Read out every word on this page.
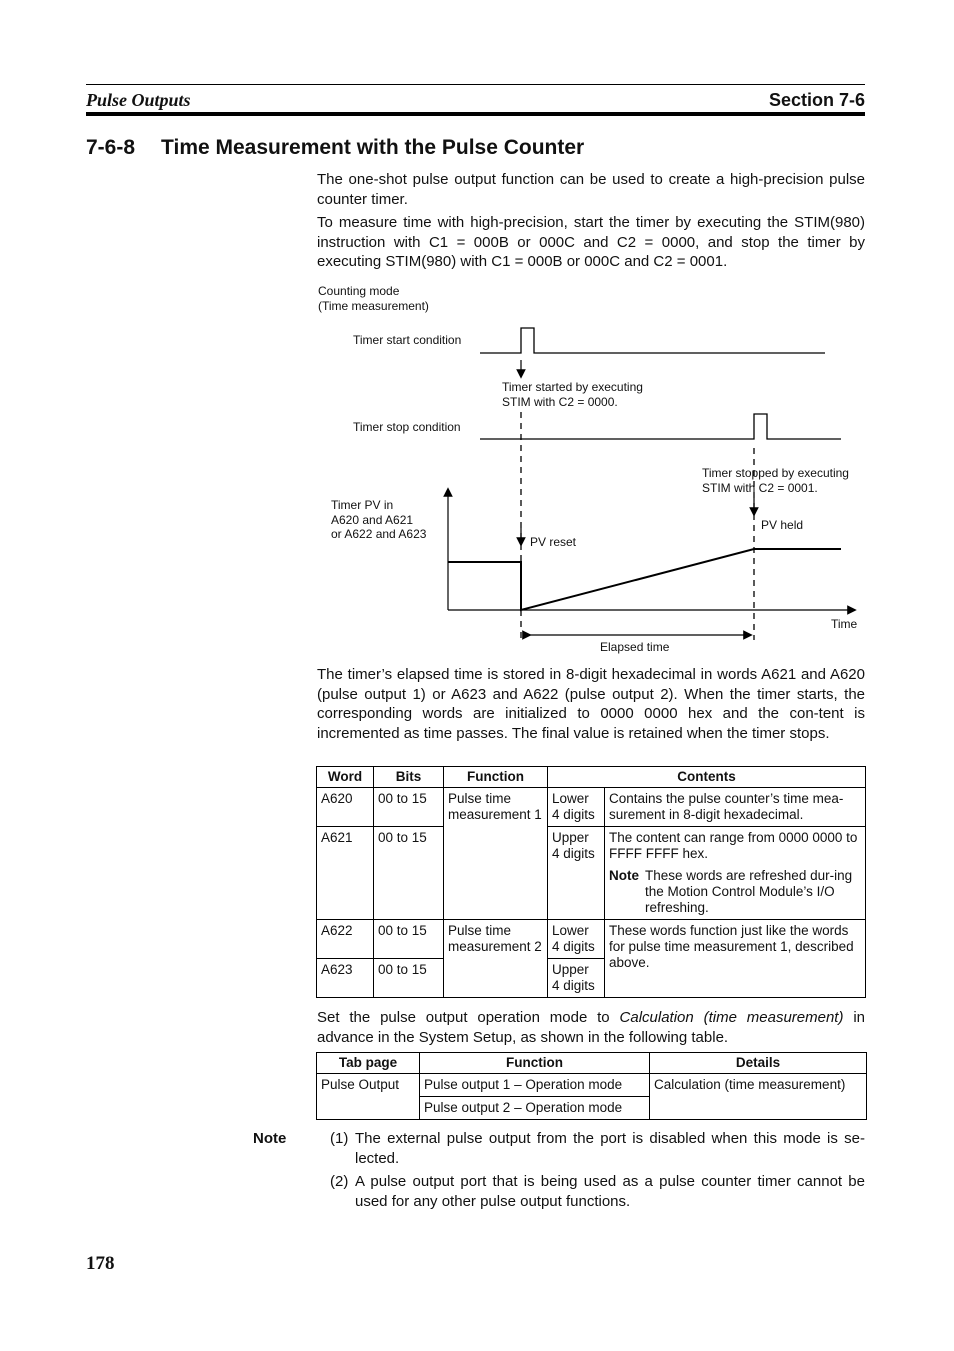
Pulse Outputs	Section 7-6
7-6-8 Time Measurement with the Pulse Counter

The one-shot pulse output function can be used to create a high-precision pulse counter timer.

To measure time with high-precision, start the timer by executing the STIM(980) instruction with C1 = 000B or 000C and C2 = 0000, and stop the timer by executing STIM(980) with C1 = 000B or 000C and C2 = 0001.

Counting mode
(Time measurement)
Timer start condition
Timer started by executing
STIM with C2 = 0000.
Timer stop condition
Timer stopped by executing
STIM with C2 = 0001.
Timer PV in
A620 and A621
or A622 and A623
PV held
PV reset
Time
Elapsed time
The timer’s elapsed time is stored in 8-digit hexadecimal in words A621 and A620 (pulse output 1) or A623 and A622 (pulse output 2). When the timer starts, the corresponding words are initialized to 0000 0000 hex and the con-tent is incremented as time passes. The final value is retained when the timer stops.
Word	Bits	Function	Contents	
A620	00 to 15	Pulse time measurement 1	Lower 4 digits	Contains the pulse counter’s time mea-surement in 8-digit hexadecimal.
A621	00 to 15		Upper 4 digits	The content can range from 0000 0000 to FFFF FFFF hex.
Note These words are refreshed dur-ing the Motion Control Module’s I/O refreshing.

A622	00 to 15	Pulse time measurement 2	Lower 4 digits	These words function just like the words for pulse time measurement 1, described above.
A623	00 to 15		Upper 4 digits	
Set the pulse output operation mode to Calculation (time measurement) in advance in the System Setup, as shown in the following table.
Tab page	Function	Details
Pulse Output	Pulse output 1 – Operation mode	Calculation (time measurement)
	Pulse output 2 – Operation mode	
Note	(1) The external pulse output from the port is disabled when this mode is se-lected.
(2) A pulse output port that is being used as a pulse counter timer cannot be used for any other pulse output functions.
178
